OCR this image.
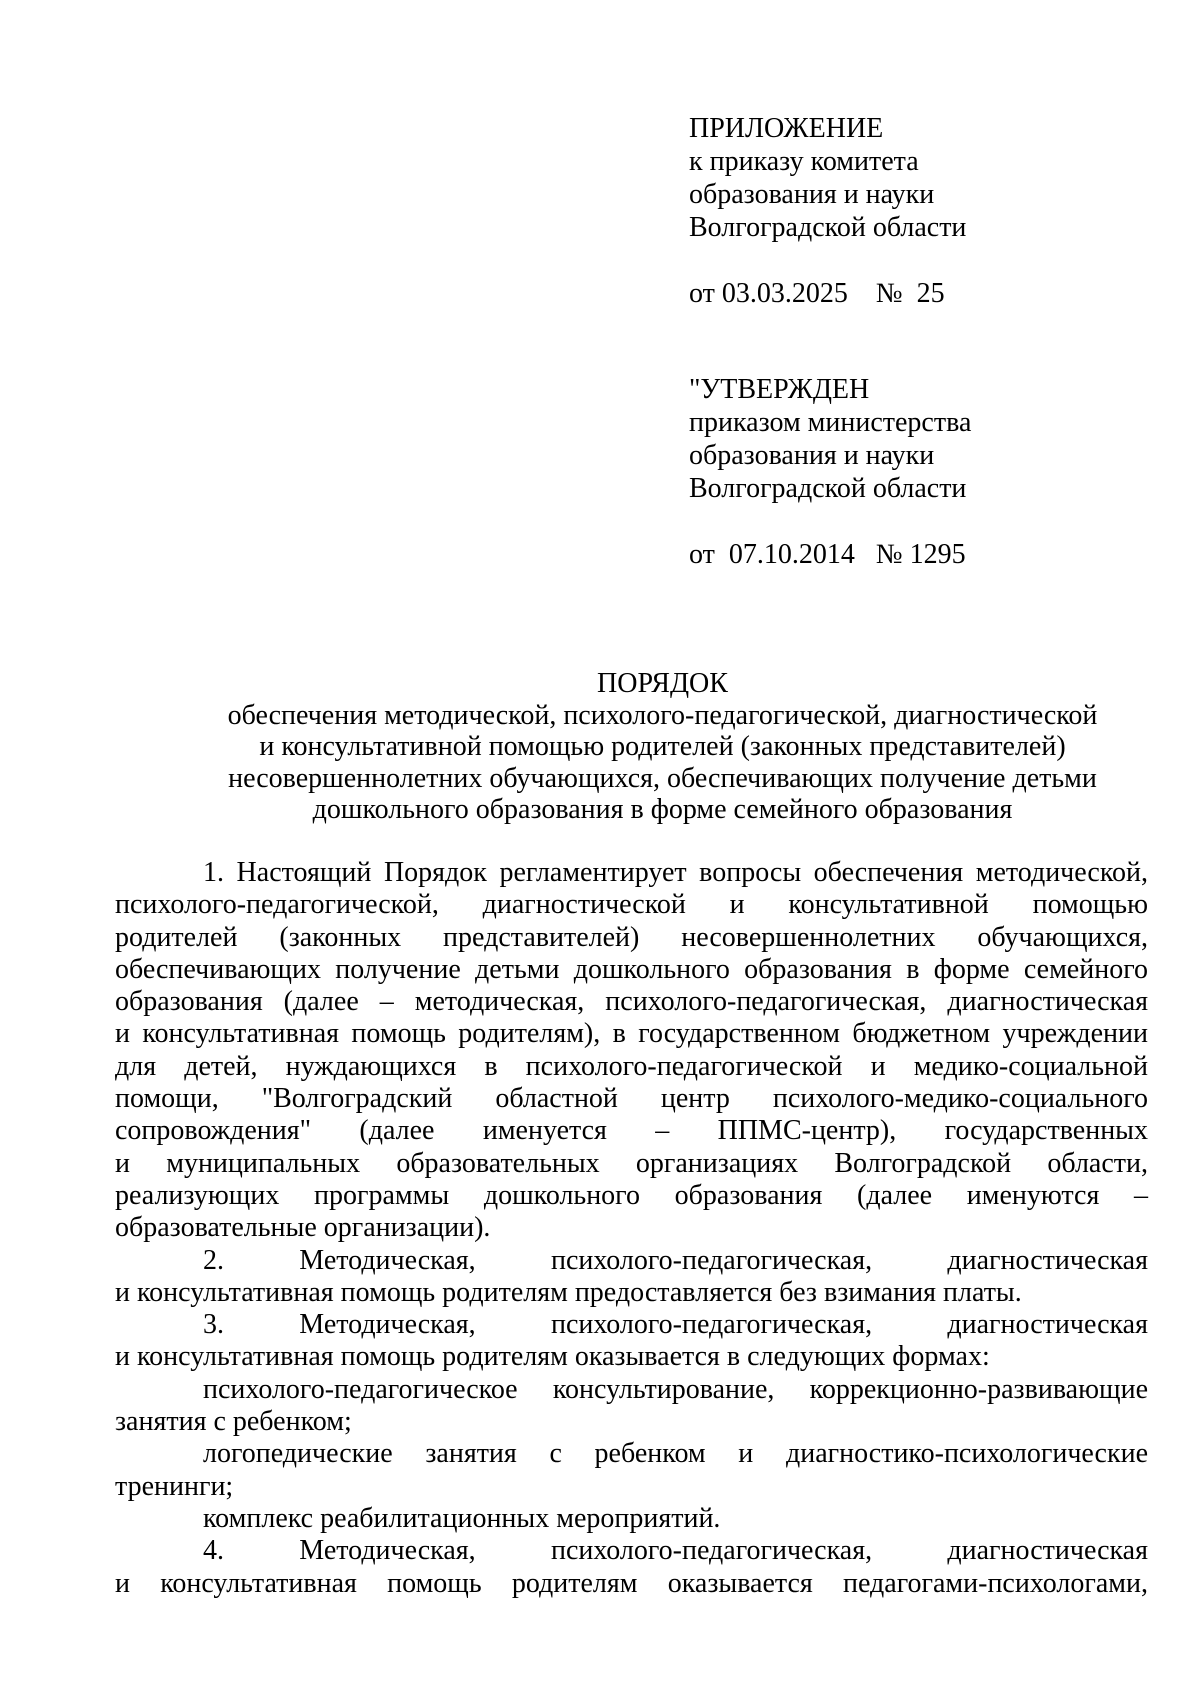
ПРИЛОЖЕНИЕ
к приказу комитета
образования и науки
Волгоградской области
от 03.03.2025    №  25
"УТВЕРЖДЕН
приказом министерства
образования и науки
Волгоградской области
от  07.10.2014   № 1295
ПОРЯДОК
обеспечения методической, психолого-педагогической, диагностической
и консультативной помощью родителей (законных представителей)
несовершеннолетних обучающихся, обеспечивающих получение детьми
дошкольного образования в форме семейного образования
1. Настоящий Порядок регламентирует вопросы обеспечения методической,
психолого-педагогической, диагностической и консультативной помощью
родителей (законных представителей) несовершеннолетних обучающихся,
обеспечивающих получение детьми дошкольного образования в форме семейного
образования (далее – методическая, психолого-педагогическая, диагностическая
и консультативная помощь родителям), в государственном бюджетном учреждении
для детей, нуждающихся в психолого-педагогической и медико-социальной
помощи, "Волгоградский областной центр психолого-медико-социального
сопровождения" (далее именуется – ППМС-центр), государственных
и муниципальных образовательных организациях Волгоградской области,
реализующих программы дошкольного образования (далее именуются –
образовательные организации).
2. Методическая, психолого-педагогическая, диагностическая
и консультативная помощь родителям предоставляется без взимания платы.
3. Методическая, психолого-педагогическая, диагностическая
и консультативная помощь родителям оказывается в следующих формах:
психолого-педагогическое консультирование, коррекционно-развивающие
занятия с ребенком;
логопедические занятия с ребенком и диагностико-психологические
тренинги;
комплекс реабилитационных мероприятий.
4. Методическая, психолого-педагогическая, диагностическая
и консультативная помощь родителям оказывается педагогами-психологами,
